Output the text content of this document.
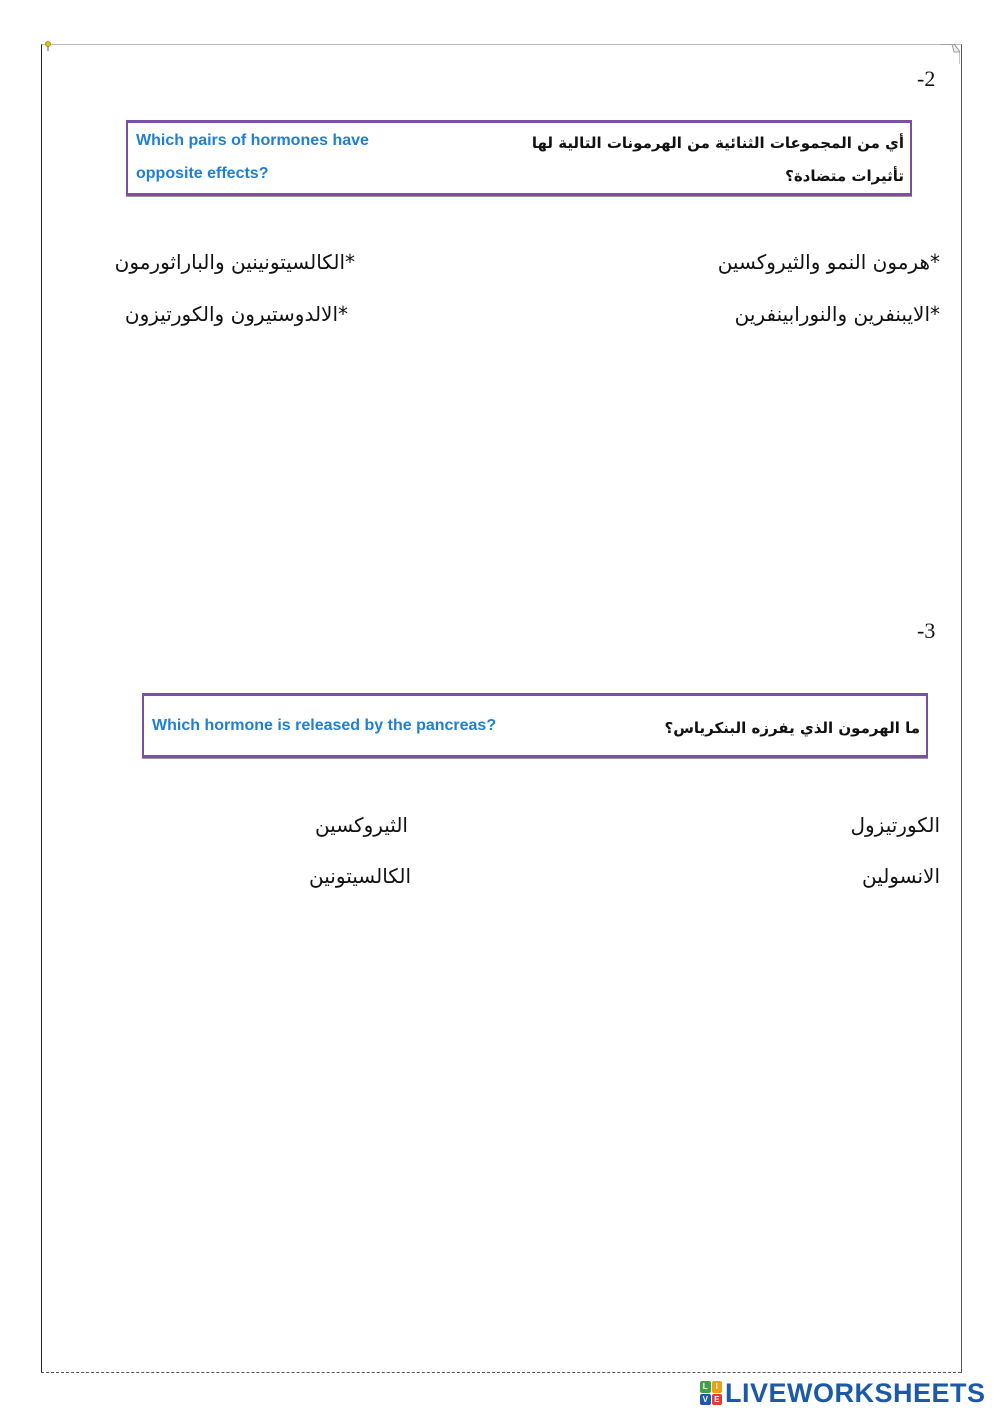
-2
Which pairs of hormones have
opposite effects?
أي من المجموعات الثنائية من الهرمونات التالية لها
تأثيرات متضادة؟
*هرمون النمو والثيروكسين
*الكالسيتونينين والباراثورمون
*الايبنفرين والنورابينفرين
*الالدوستيرون والكورتيزون
-3
Which hormone is released by the pancreas?	ما الهرمون الذي يفرزه البنكرياس؟
الكورتيزول
الثيروكسين
الانسولين
الكالسيتونين
L I
V E LIVEWORKSHEETS
